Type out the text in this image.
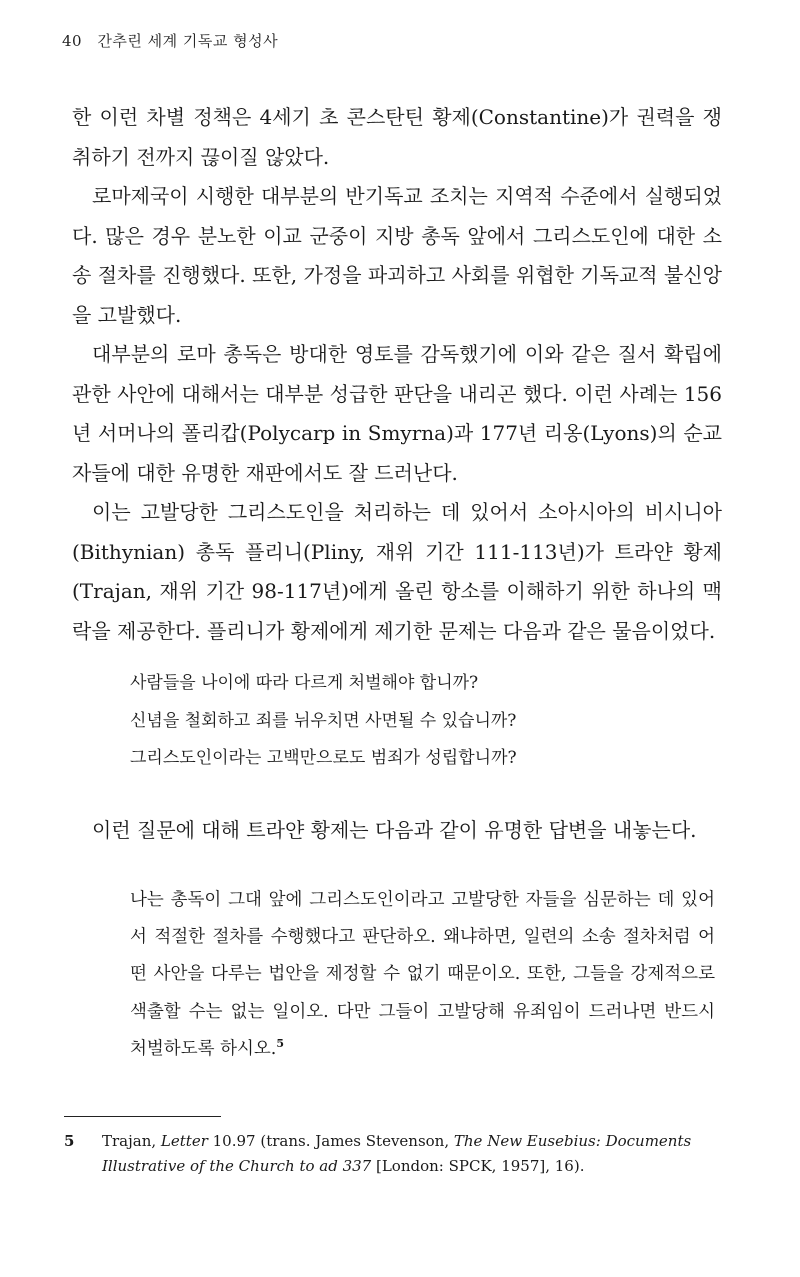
40 간추린 세계 기독교 형성사

한 이런 차별 정책은 4세기 초 콘스탄틴 황제(Constantine)가 권력을 쟁취하기 전까지 끊이질 않았다.

로마제국이 시행한 대부분의 반기독교 조치는 지역적 수준에서 실행되었다. 많은 경우 분노한 이교 군중이 지방 총독 앞에서 그리스도인에 대한 소송 절차를 진행했다. 또한, 가정을 파괴하고 사회를 위협한 기독교적 불신앙을 고발했다.

대부분의 로마 총독은 방대한 영토를 감독했기에 이와 같은 질서 확립에 관한 사안에 대해서는 대부분 성급한 판단을 내리곤 했다. 이런 사례는 156년 서머나의 폴리캅(Polycarp in Smyrna)과 177년 리옹(Lyons)의 순교자들에 대한 유명한 재판에서도 잘 드러난다.

이는 고발당한 그리스도인을 처리하는 데 있어서 소아시아의 비시니아(Bithynian) 총독 플리니(Pliny, 재위 기간 111-113년)가 트라얀 황제(Trajan, 재위 기간 98-117년)에게 올린 항소를 이해하기 위한 하나의 맥락을 제공한다. 플리니가 황제에게 제기한 문제는 다음과 같은 물음이었다.

사람들을 나이에 따라 다르게 처벌해야 합니까?
신념을 철회하고 죄를 뉘우치면 사면될 수 있습니까?
그리스도인이라는 고백만으로도 범죄가 성립합니까?
이런 질문에 대해 트라얀 황제는 다음과 같이 유명한 답변을 내놓는다.
나는 총독이 그대 앞에 그리스도인이라고 고발당한 자들을 심문하는 데 있어서 적절한 절차를 수행했다고 판단하오. 왜냐하면, 일련의 소송 절차처럼 어떤 사안을 다루는 법안을 제정할 수 없기 때문이오. 또한, 그들을 강제적으로 색출할 수는 없는 일이오. 다만 그들이 고발당해 유죄임이 드러나면 반드시 처벌하도록 하시오.$^5$
5 Trajan, Letter 10.97 (trans. James Stevenson, The New Eusebius: Documents Illustrative of the Church to ad 337 [London: SPCK, 1957], 16).
